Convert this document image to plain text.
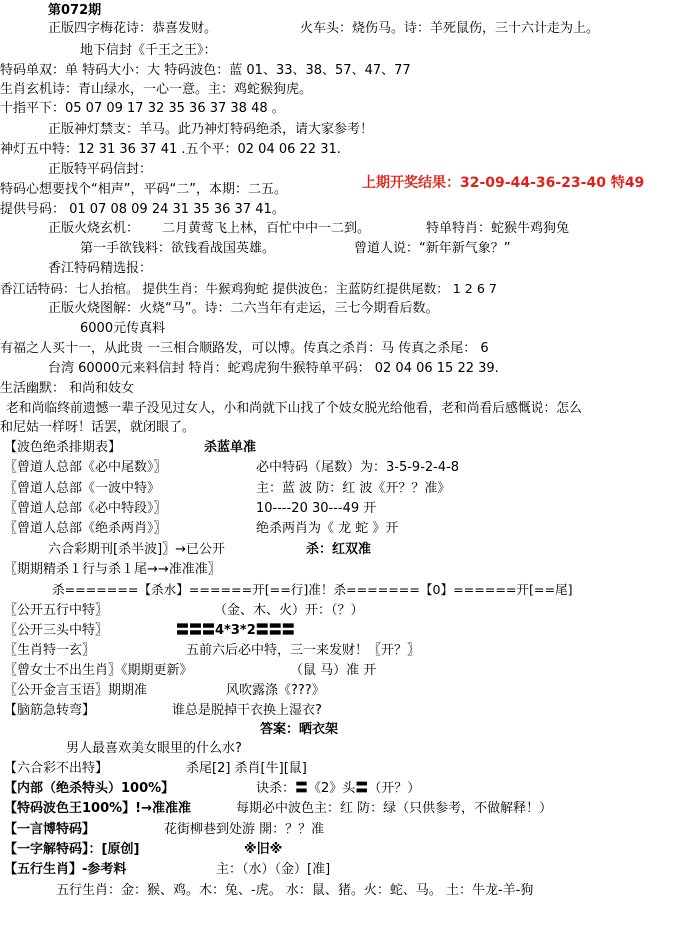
第072期
正版四字梅花诗：恭喜发财。	火车头：烧伤马。诗：羊死鼠伤，三十六计走为上。
地下信封《千王之王》：
特码单双：单 特码大小：大 特码波色：蓝 01、33、38、57、47、77
生肖玄机诗：青山绿水，一心一意。主：鸡蛇猴狗虎。
十指平下：05 07 09 17 32 35 36 37 38 48 。
正版神灯禁支：羊马。此乃神灯特码绝杀，请大家参考！
神灯五中特：12 31 36 37 41 .五个平：02 04 06 22 31.
正版特平码信封：
特码心想要找个“相声”，平码“二”，本期：二五。	上期开奖结果：32-09-44-36-23-40 特49
提供号码： 01 07 08 09 24 31 35 36 37 41。
正版火烧玄机： 二月黄莺飞上林，百忙中中一二到。	特单特肖：蛇猴牛鸡狗兔
第一手欲钱料：欲钱看战国英雄。	曾道人说：“新年新气象？”
香江特码精选报：
香江话特码：七人抬棺。 提供生肖：牛猴鸡狗蛇 提供波色：主蓝防红提供尾数： 1 2 6 7
正版火烧图解：火烧“马”。诗：二六当年有走运，三七今期看后数。
6000元传真料
有福之人买十一，从此贵 一三相合顺路发，可以博。传真之杀肖：马 传真之杀尾： 6
台湾 60000元来料信封 特肖：蛇鸡虎狗牛猴特单平码： 02 04 06 15 22 39.
生活幽默： 和尚和妓女
老和尚临终前遗憾一辈子没见过女人，小和尚就下山找了个妓女脱光给他看，老和尚看后感慨说：怎么
和尼姑一样呀！话罢，就闭眼了。
【波色绝杀排期表】	杀蓝单准
〖曾道人总部《必中尾数》〗	必中特码（尾数）为：3-5-9-2-4-8
〖曾道人总部《一波中特》	主：蓝 波 防：红 波《开？？准》
〖曾道人总部《必中特段》〗	10----20 30---49 开
〖曾道人总部《绝杀两肖》〗	绝杀两肖为《 龙 蛇 》开
六合彩期刊[杀半波]〗→已公开	杀：红双准
〖期期精杀１行与杀１尾→→准准准〗
杀=======【杀水】======开[==行]准！杀=======【0】======开[==尾]
〖公开五行中特〗	（金、木、火）开：（？）
〖公开三头中特〗	〓〓〓4*3*2〓〓〓
〖生肖特一玄〗	五前六后必中特，三一来发财！〖开？〗
〖曾女士不出生肖〗《期期更新》	（鼠 马）准 开
〖公开金言玉语〗期期准	风吹露涤《???》
【脑筋急转弯】	谁总是脱掉干衣换上湿衣?
答案：晒衣架
男人最喜欢美女眼里的什么水?
【六合彩不出特】	杀尾[2] 杀肖[牛][鼠]
【内部（绝杀特头）100%】	诀杀：〓《2》头〓（开？）
【特码波色王100%】!→准准准	每期必中波色主：红 防：绿（只供参考，不做解释！）
【一言博特码】	花街柳巷到处游 開：？？准
【一字解特码】：[原创]	※旧※
【五行生肖】-参考料	主：（水）（金）[准]
五行生肖：金：猴、鸡。木：兔、-虎。 水：鼠、猪。火：蛇、马。 土：牛龙-羊-狗
